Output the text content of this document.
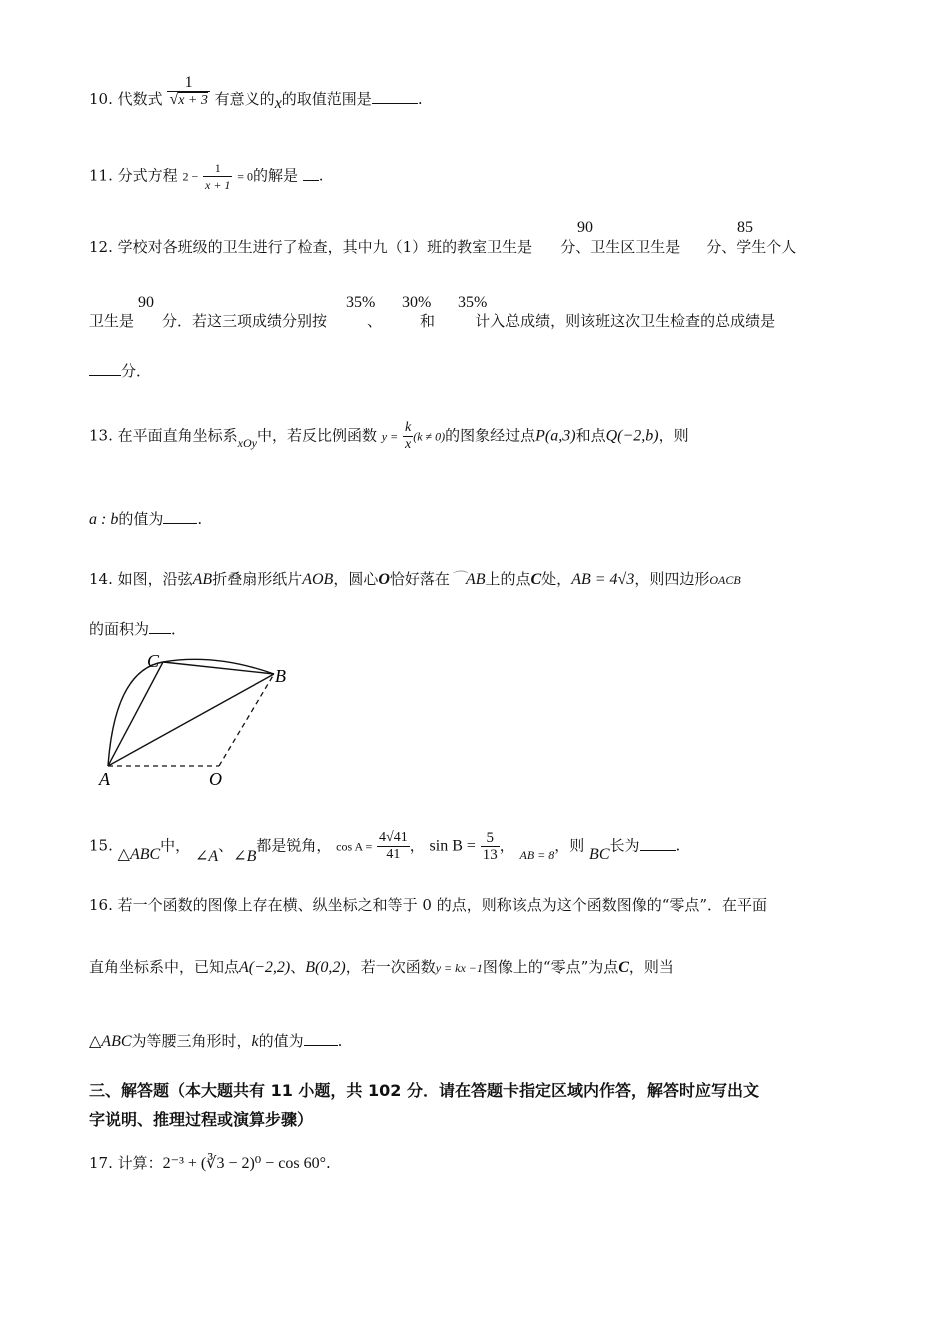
10. 代数式 $\frac{1}{√x + 3}$ 有意义的x的取值范围是	.
11. 分式方程 $2 - \frac{1}{x + 1} = 0$的解是 .
12. 学校对各班级的卫生进行了检查，其中九（1）班的教室卫生是 分、卫生区卫生是 分、学生个人
90	85
卫生是 分．若这三项成绩分别按	、	和	计入总成绩，则该班这次卫生检查的总成绩是
90	35% 30% 35%
分．
13. 在平面直角坐标系$_{xOy}$中，若反比例函数 $y = \frac{k}{x} (k \ne 0)$的图象经过点P(a,3)和点Q(−2,b)，则
a : b的值为 .
14. 如图，沿弦AB折叠扇形纸片AOB，圆心O恰好落在⌒AB上的点C处，AB = 4√3，则四边形OACB
的面积为 ．
C
B
A	O
15. △ABC中， ∠A、∠B都是锐角， $\cos A = \frac{4√41}{41}$ ， $\sin B = \frac{5}{13}$ ， $_{AB = 8}$，则 BC长为 .
16. 若一个函数的图像上存在横、纵坐标之和等于 0 的点，则称该点为这个函数图像的“零点”．在平面
直角坐标系中，已知点A(−2,2)、B(0,2)，若一次函数y = kx −1图像上的“零点”为点C，则当
△ABC为等腰三角形时，k的值为 .
三、解答题（本大题共有 11 小题，共 102 分．请在答题卡指定区域内作答，解答时应写出文
字说明、推理过程或演算步骤）
17. 计算：2⁻³ + (∛3 − 2)⁰ − cos 60°.
